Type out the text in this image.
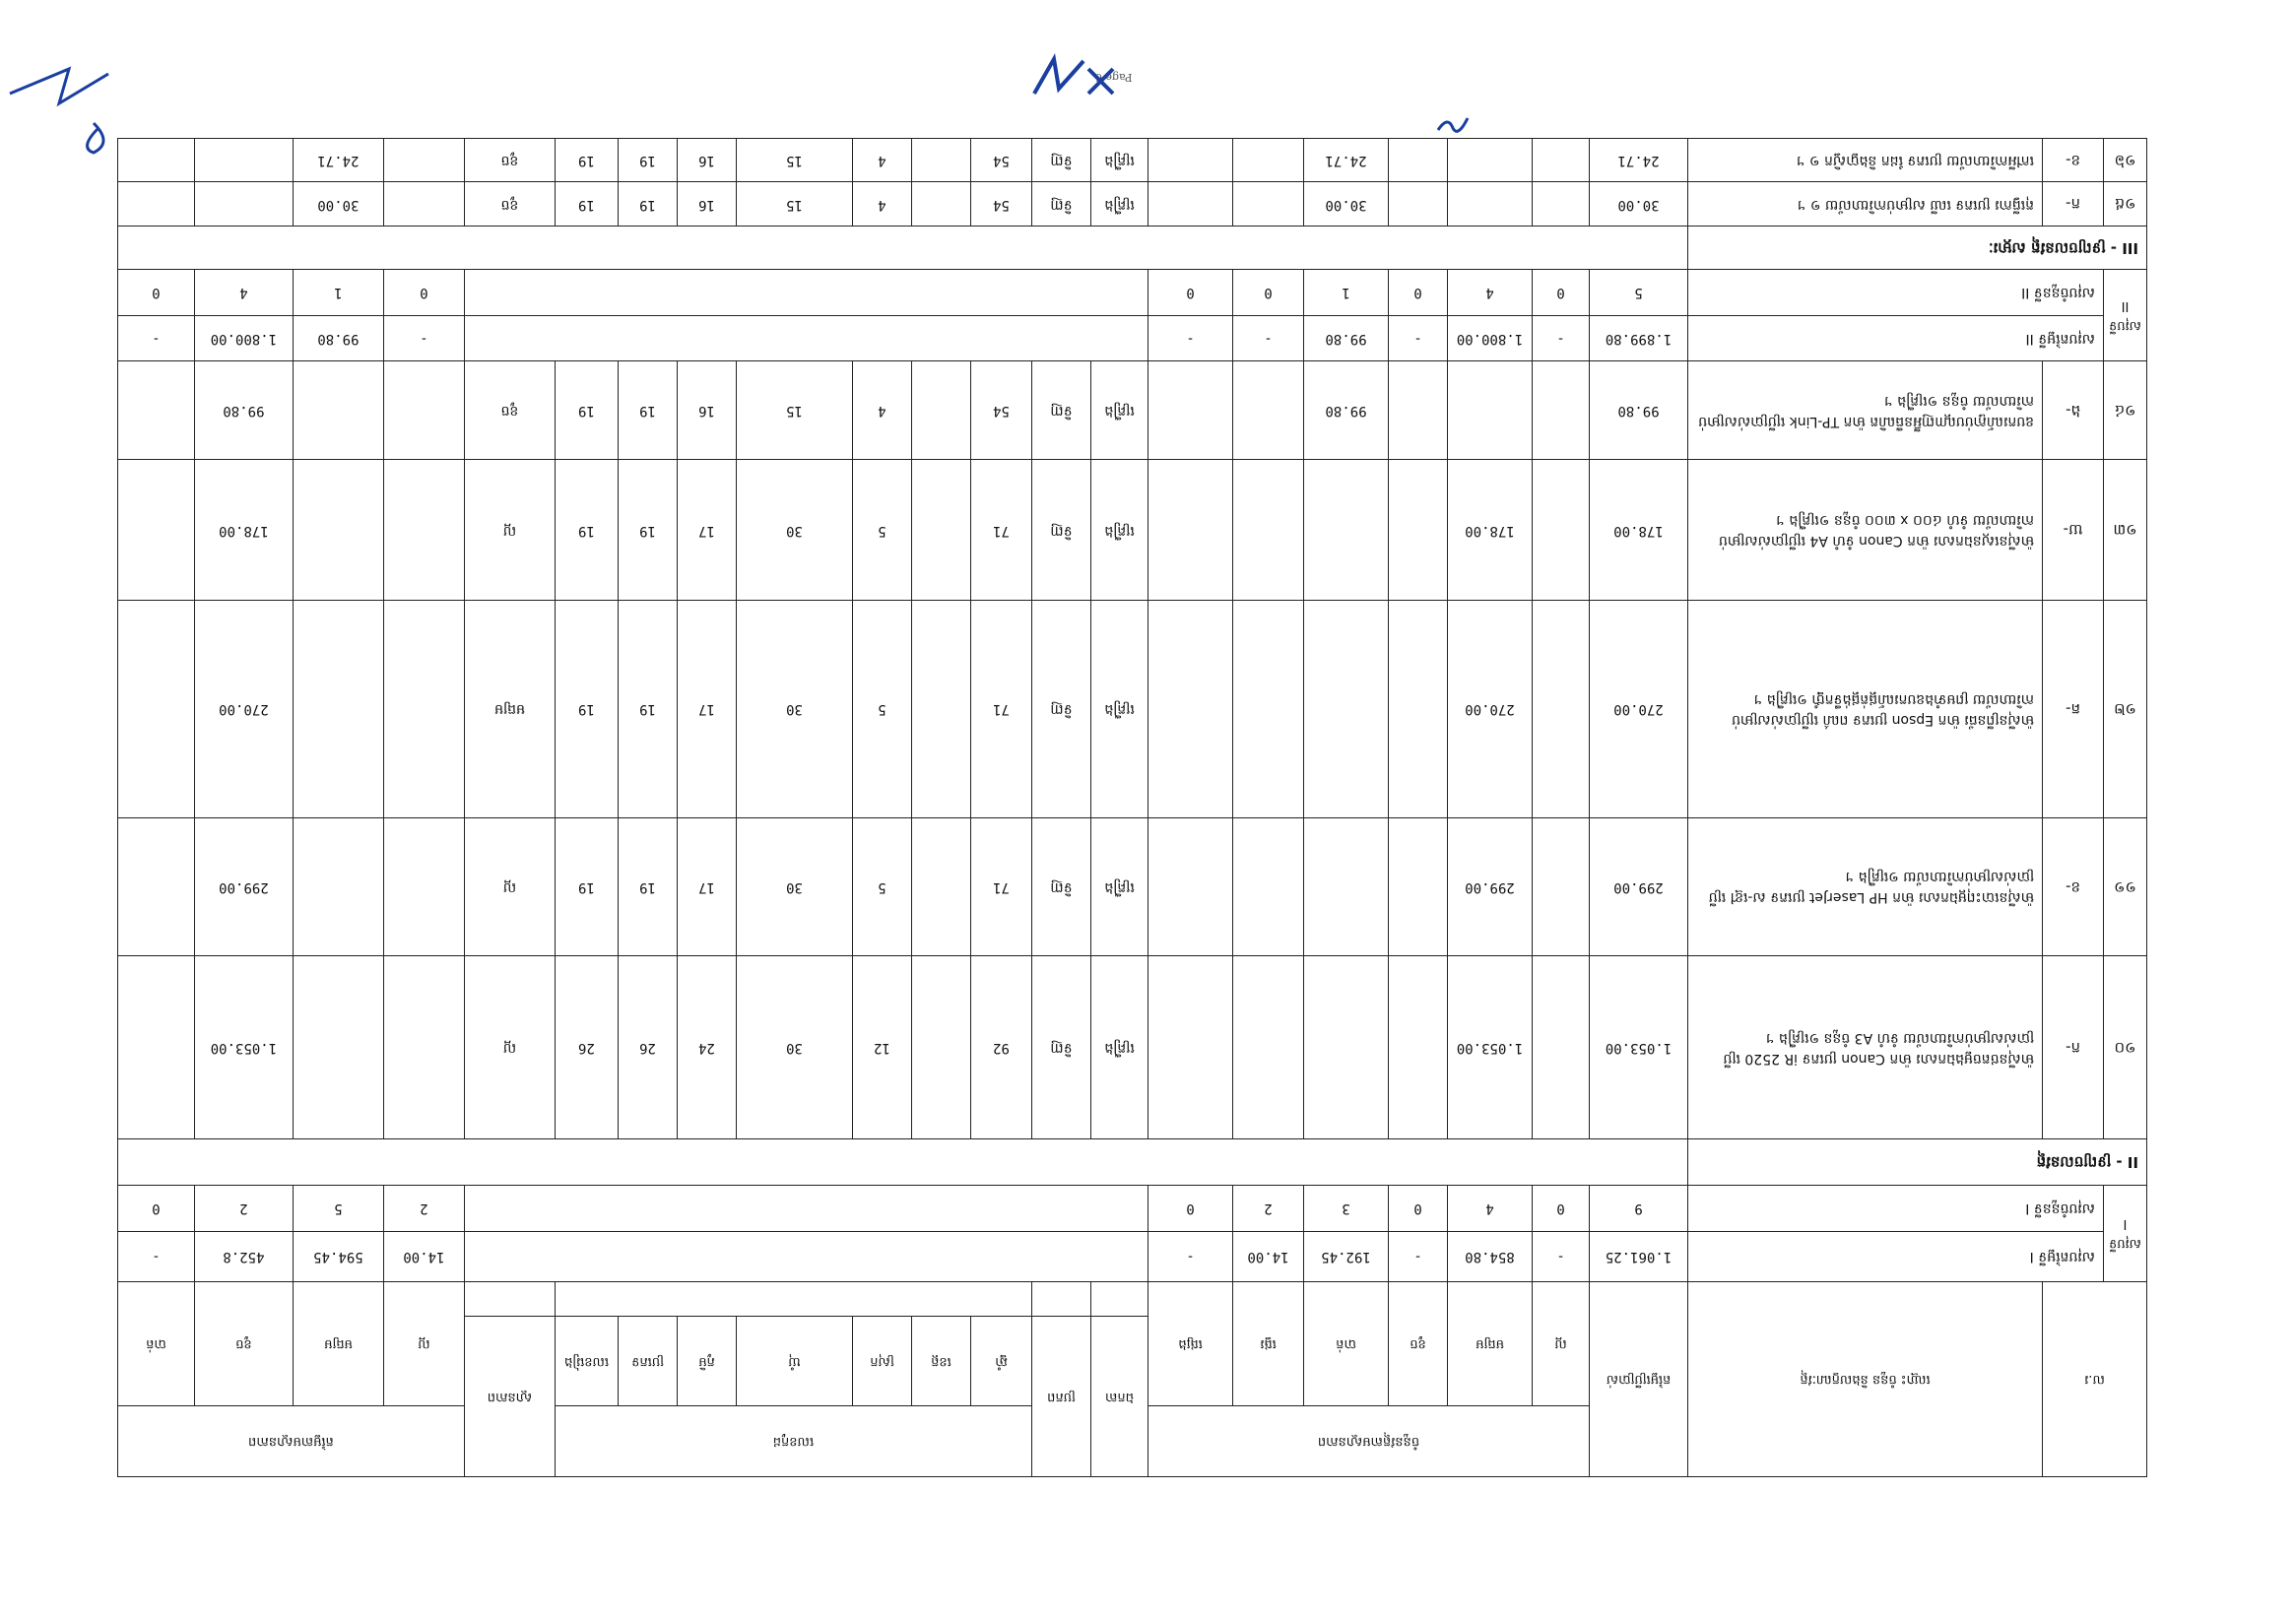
Page 6
ល.រ		ឈ្មោះ ចំនួន និងលក្ខណៈវត្ថុ	តម្លៃប្រើប្រាស់	ចំនួនវត្ថុតាមស្ថានភាព						ឯកតា	ប្រភព	លេខកូដ							ស្ថានភាព	តម្លៃតាមស្ថានភាព			
				ល្អ	មធ្យម	ខូច	បាត់	ផ្ទេរ	ផ្សេង			ឆ្នាំ	ខេត្ត	ស្រុក	ឃុំ	ភូមិ	ប្រភេទ	លេខរៀង		ល្អ	មធ្យម	ខូច	បាត់

សរុបទី I	សរុបតម្លៃទី I		1.061.25	-	854.80	-	192.45	14.00	-											14.00	594.45	452.8	-
	សរុបចំនួនទី I		9	0	4	0	3	2	0											2	5	2	0
II - ទ្រព្យចលនវត្ថុ																							
១០	ក-	ម៉ាស៊ីនថតចម្លងឯកសារ ម៉ាក Canon ប្រភេទ iR 2520 ប្រើប្រាស់សម្រាប់ការិយាល័យ ទំហំ A3 ចំនួន ១គ្រឿង ។	1.053.00		1.053.00					គ្រឿង	ទិញ	92		12	30	24	26	26	ល្អ			1.053.00	
១១	ខ-	ម៉ាស៊ីនបោះពុម្ពឯកសារ ម៉ាក HP LaserJet ប្រភេទ ស-ខ្មៅ ប្រើប្រាស់សម្រាប់ការិយាល័យ ១គ្រឿង ។	299.00		299.00					គ្រឿង	ទិញ	71		5	30	17	19	19	ល្អ			299.00	
១២	គ-	ម៉ាស៊ីនព្រីនធ័រ ម៉ាក Epson ប្រភេទ ពណ៌ ប្រើប្រាស់សម្រាប់ការិយាល័យ ព្រមទាំងឧបករណ៍ផ្គត់ផ្គង់ទឹកថ្នាំ ១គ្រឿង ។	270.00		270.00					គ្រឿង	ទិញ	71		5	30	17	19	19	មធ្យម			270.00	
១៣	ឃ-	ម៉ាស៊ីនស្កេនឯកសារ ម៉ាក Canon ទំហំ A4 ប្រើប្រាស់សម្រាប់ការិយាល័យ ទំហំ ៤០០ x ៣០០ ចំនួន ១គ្រឿង ។	178.00		178.00					គ្រឿង	ទិញ	71		5	30	17	19	19	ល្អ			178.00	
១៤	ង-	ឧបករណ៍ភ្ជាប់បណ្តាញអ៊ីនធឺណិត ម៉ាក TP-Link ប្រើប្រាស់សម្រាប់ការិយាល័យ ចំនួន ១គ្រឿង ។	99.80				99.80			គ្រឿង	ទិញ	54		4	15	16	19	19	ខូច			99.80	
សរុបទី II	សរុបតម្លៃទី II		1.899.80	-	1.800.00	-	99.80	-	-											-	99.80	1.800.00	-
	សរុបចំនួនទី II		5	0	4	0	1	0	0											0	1	4	0
III - ទ្រព្យចលនវត្ថុ សម្ភារៈ																							
១៥	ក-	តុធ្វើការ ប្រភេទ ឈើ សម្រាប់ការិយាល័យ ១ ។	30.00				30.00			គ្រឿង	ទិញ	54		4	15	16	19	19	ខូច		30.00		
១៦	ខ-	កៅអីការិយាល័យ ប្រភេទ ដែក និងប្លាស្ទិក ១ ។	24.71				24.71			គ្រឿង	ទិញ	54		4	15	16	19	19	ខូច		24.71		
